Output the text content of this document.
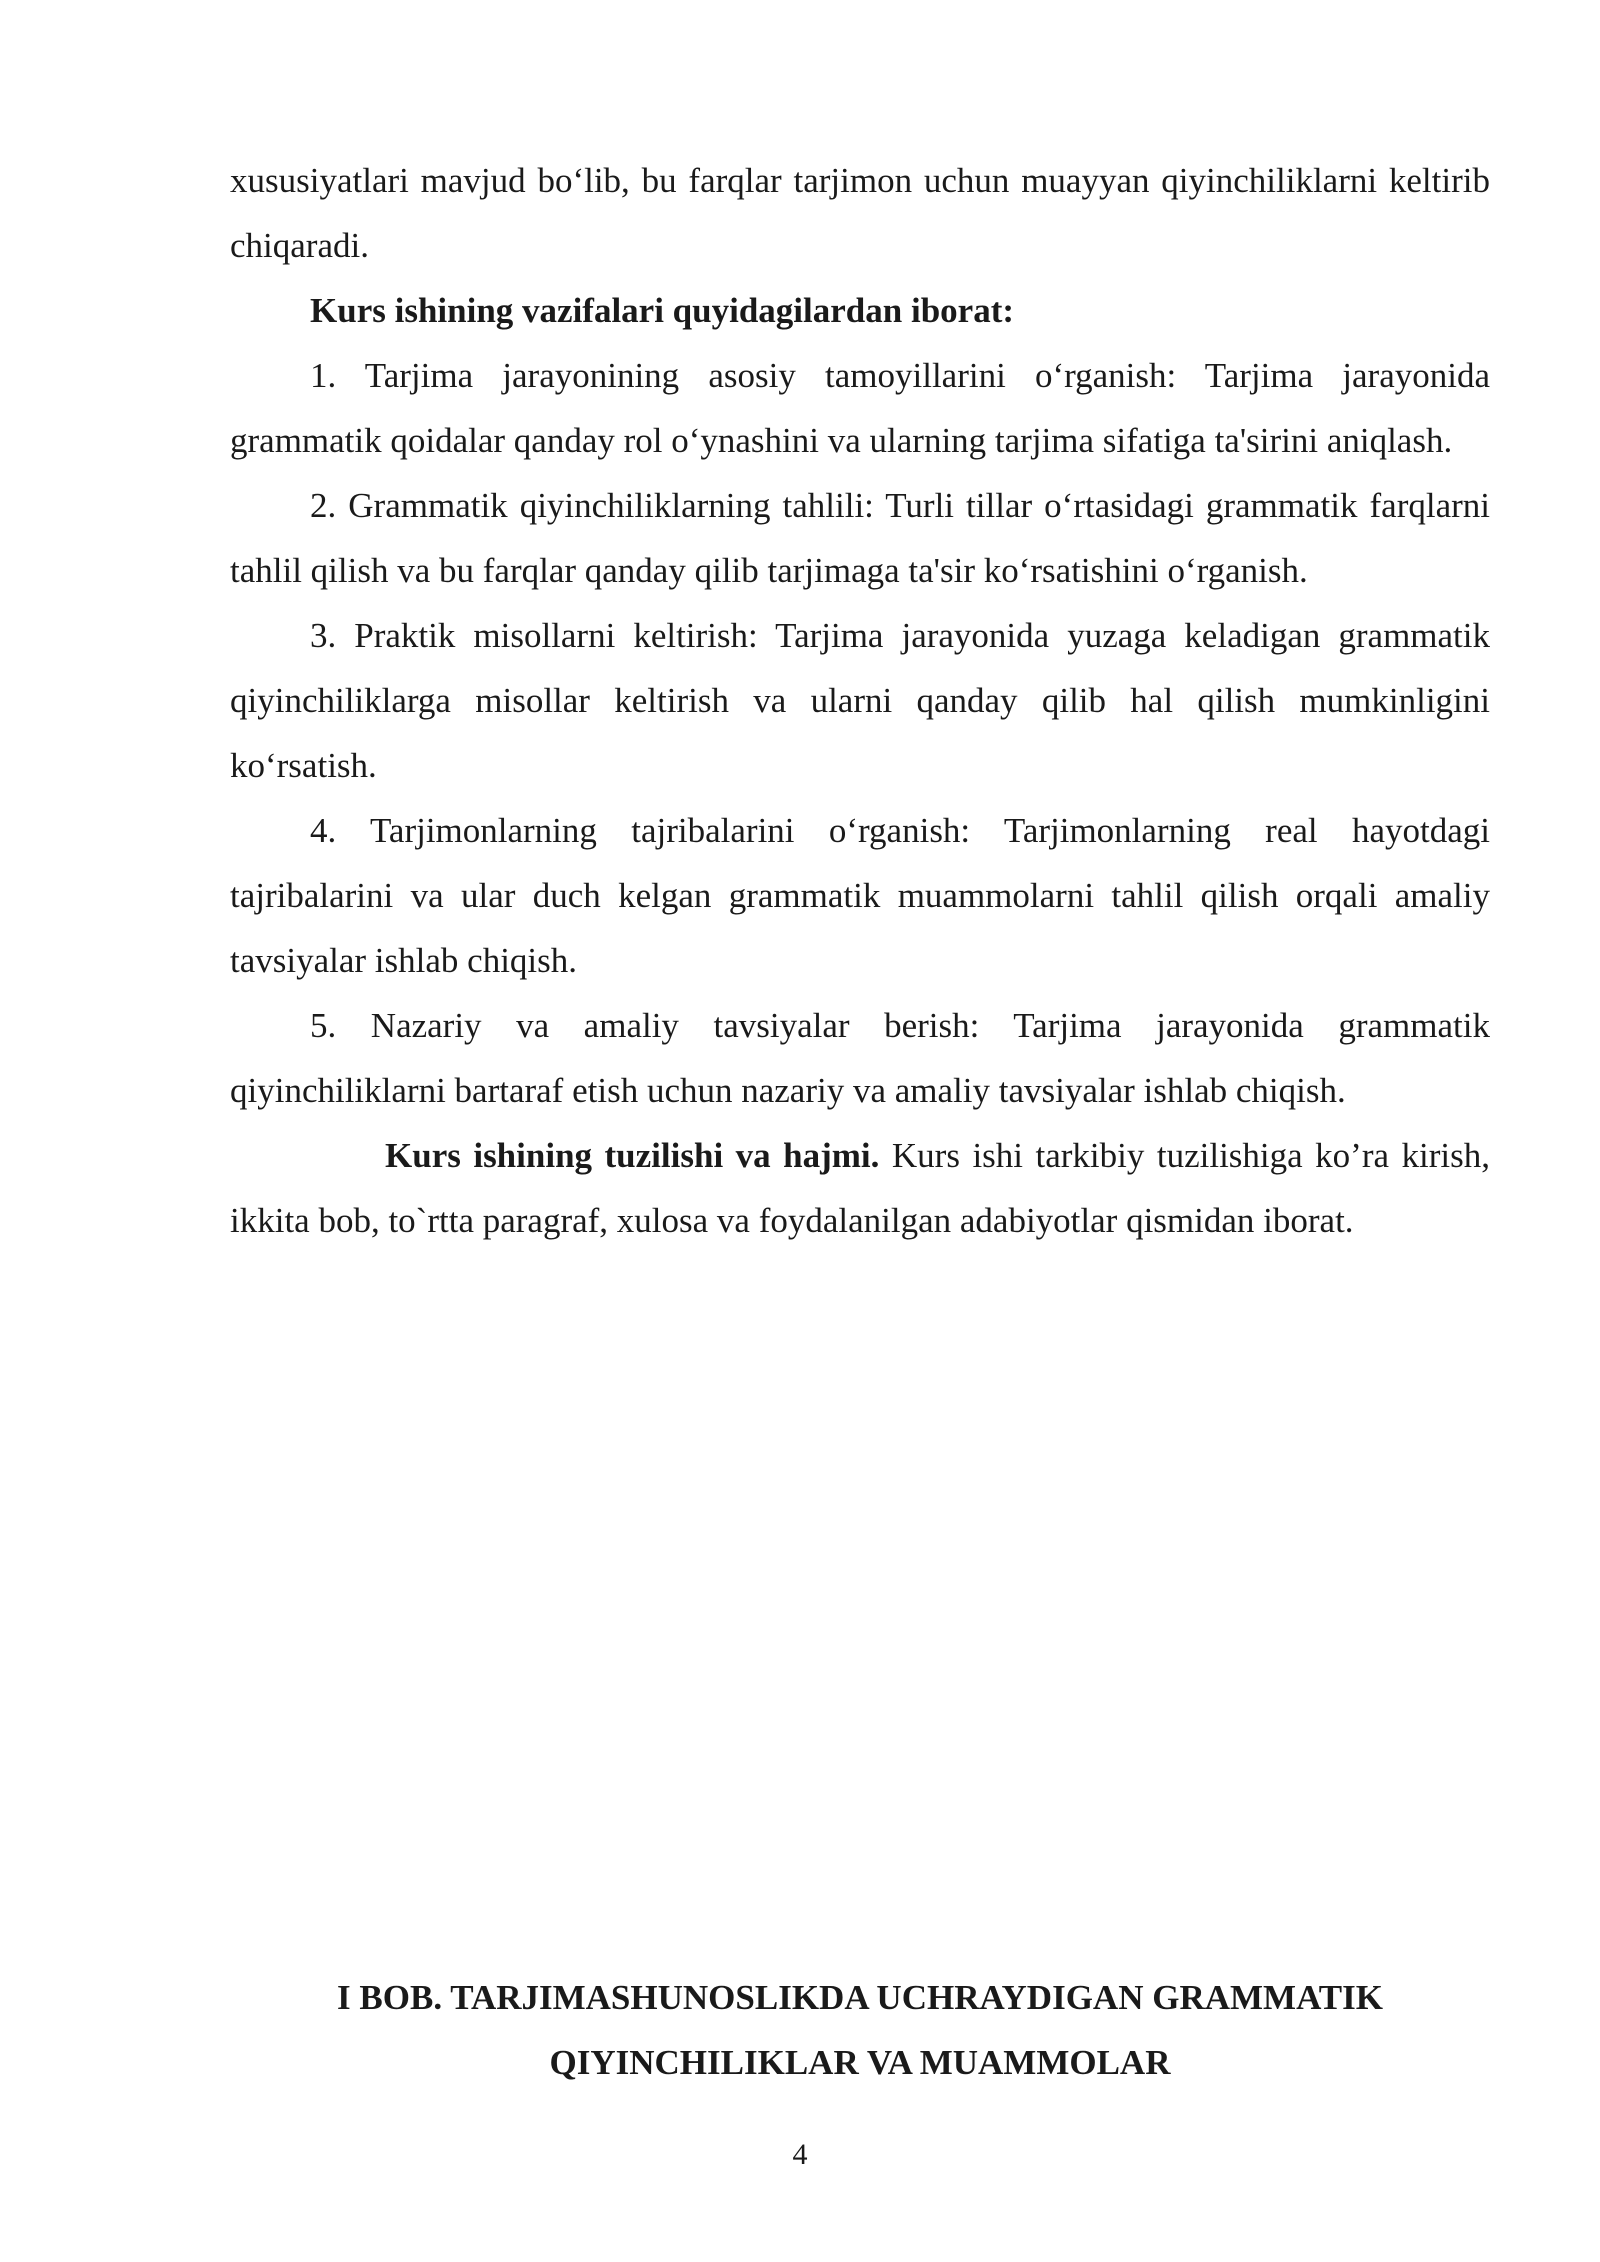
xususiyatlari mavjud bo‘lib, bu farqlar tarjimon uchun muayyan qiyinchiliklarni keltirib chiqaradi.

Kurs ishining vazifalari quyidagilardan iborat:

1. Tarjima jarayonining asosiy tamoyillarini o‘rganish: Tarjima jarayonida grammatik qoidalar qanday rol o‘ynashini va ularning tarjima sifatiga ta'sirini aniqlash.

2. Grammatik qiyinchiliklarning tahlili: Turli tillar o‘rtasidagi grammatik farqlarni tahlil qilish va bu farqlar qanday qilib tarjimaga ta'sir ko‘rsatishini o‘rganish.

3. Praktik misollarni keltirish: Tarjima jarayonida yuzaga keladigan grammatik qiyinchiliklarga misollar keltirish va ularni qanday qilib hal qilish mumkinligini ko‘rsatish.

4. Tarjimonlarning tajribalarini o‘rganish: Tarjimonlarning real hayotdagi tajribalarini va ular duch kelgan grammatik muammolarni tahlil qilish orqali amaliy tavsiyalar ishlab chiqish.

5. Nazariy va amaliy tavsiyalar berish: Tarjima jarayonida grammatik qiyinchiliklarni bartaraf etish uchun nazariy va amaliy tavsiyalar ishlab chiqish.

Kurs ishining tuzilishi va hajmi. Kurs ishi tarkibiy tuzilishiga ko’ra kirish, ikkita bob, to`rtta paragraf, xulosa va foydalanilgan adabiyotlar qismidan iborat.

I BOB. TARJIMASHUNOSLIKDA UCHRAYDIGAN GRAMMATIK
QIYINCHILIKLAR VA MUAMMOLAR
4
